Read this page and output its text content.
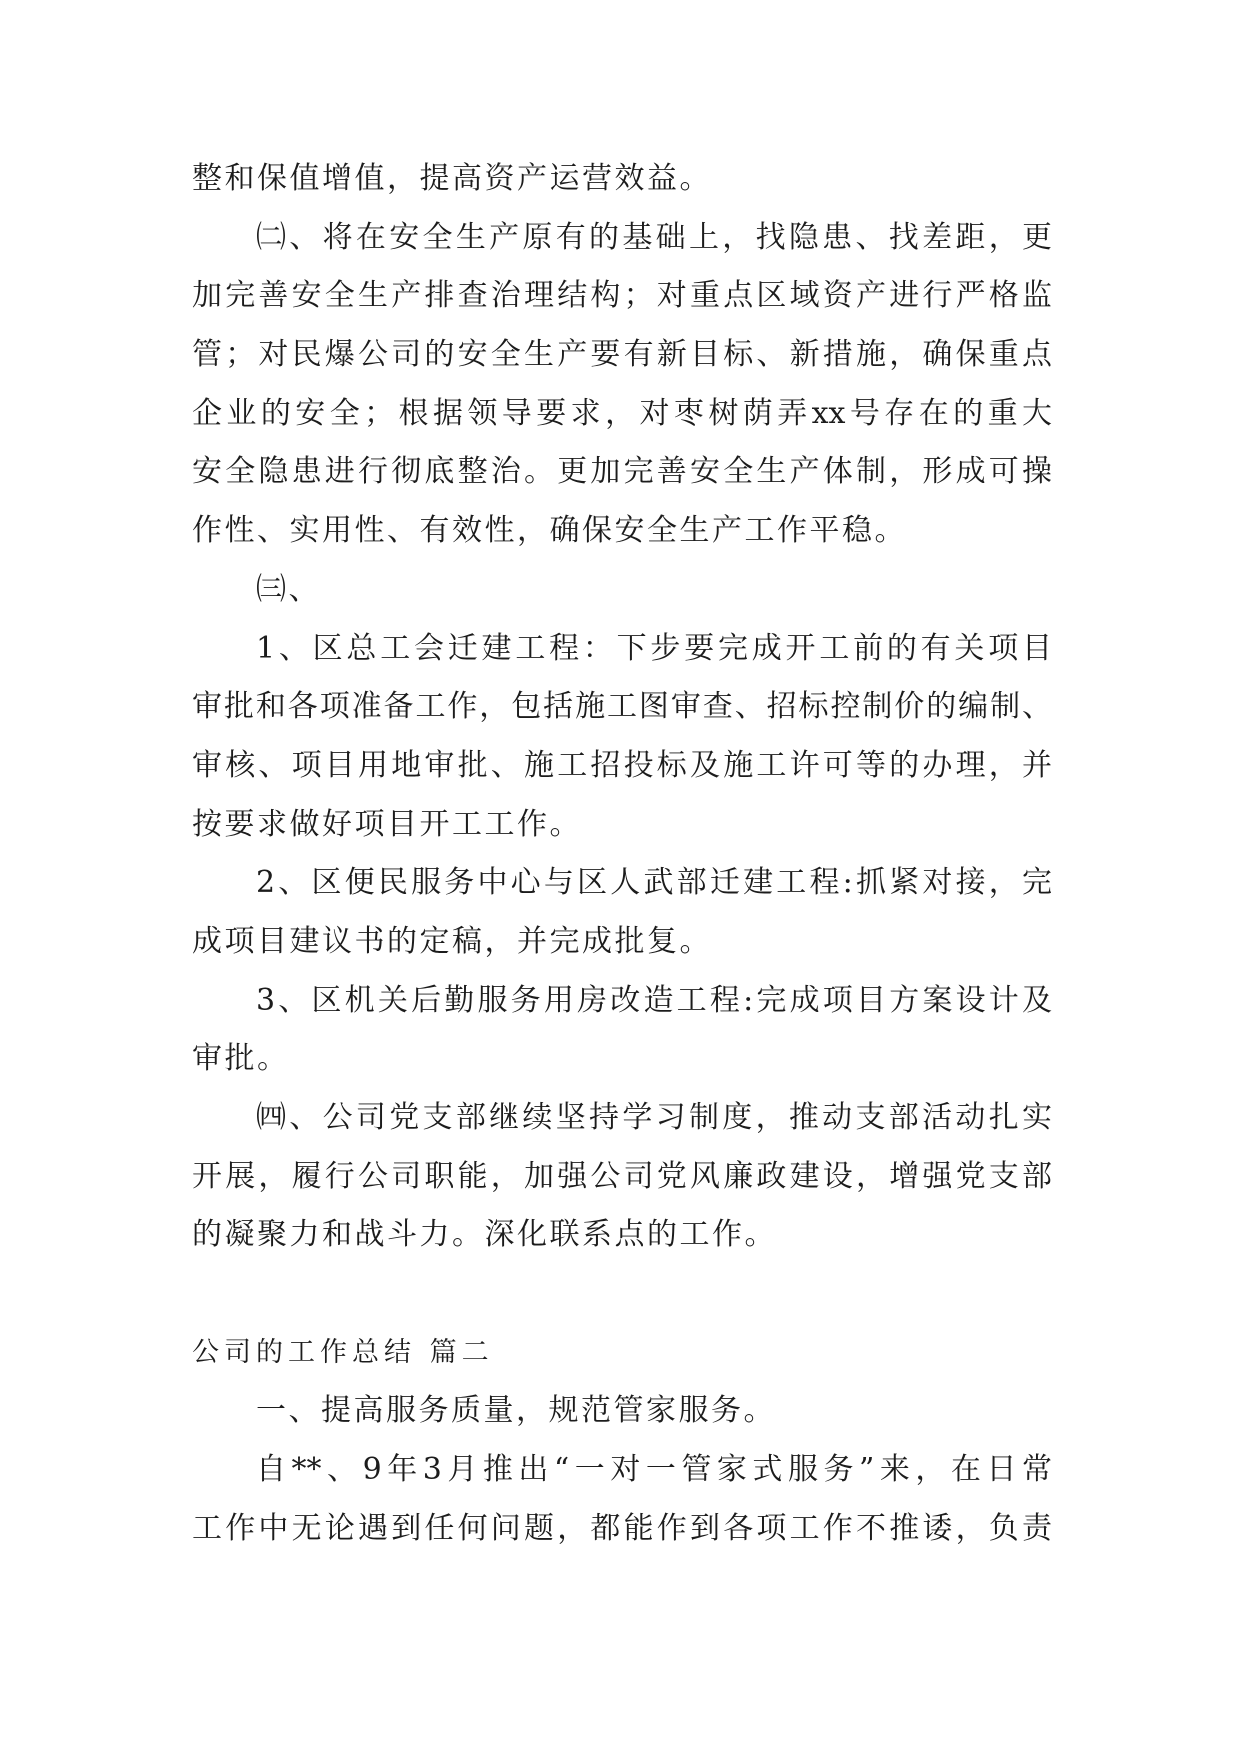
整和保值增值，提高资产运营效益。
㈡、将在安全生产原有的基础上，找隐患、找差距，更
加完善安全生产排查治理结构；对重点区域资产进行严格监
管；对民爆公司的安全生产要有新目标、新措施，确保重点
企业的安全；根据领导要求，对枣树荫弄xx号存在的重大
安全隐患进行彻底整治。更加完善安全生产体制，形成可操
作性、实用性、有效性，确保安全生产工作平稳。
㈢、
1、区总工会迁建工程：下步要完成开工前的有关项目
审批和各项准备工作，包括施工图审查、招标控制价的编制、
审核、项目用地审批、施工招投标及施工许可等的办理，并
按要求做好项目开工工作。
2、区便民服务中心与区人武部迁建工程:抓紧对接，完
成项目建议书的定稿，并完成批复。
3、区机关后勤服务用房改造工程:完成项目方案设计及
审批。
㈣、公司党支部继续坚持学习制度，推动支部活动扎实
开展，履行公司职能，加强公司党风廉政建设，增强党支部
的凝聚力和战斗力。深化联系点的工作。
公司的工作总结 篇二
一、提高服务质量，规范管家服务。
自**、9年3月推出“一对一管家式服务”来，在日常
工作中无论遇到任何问题，都能作到各项工作不推诿，负责
